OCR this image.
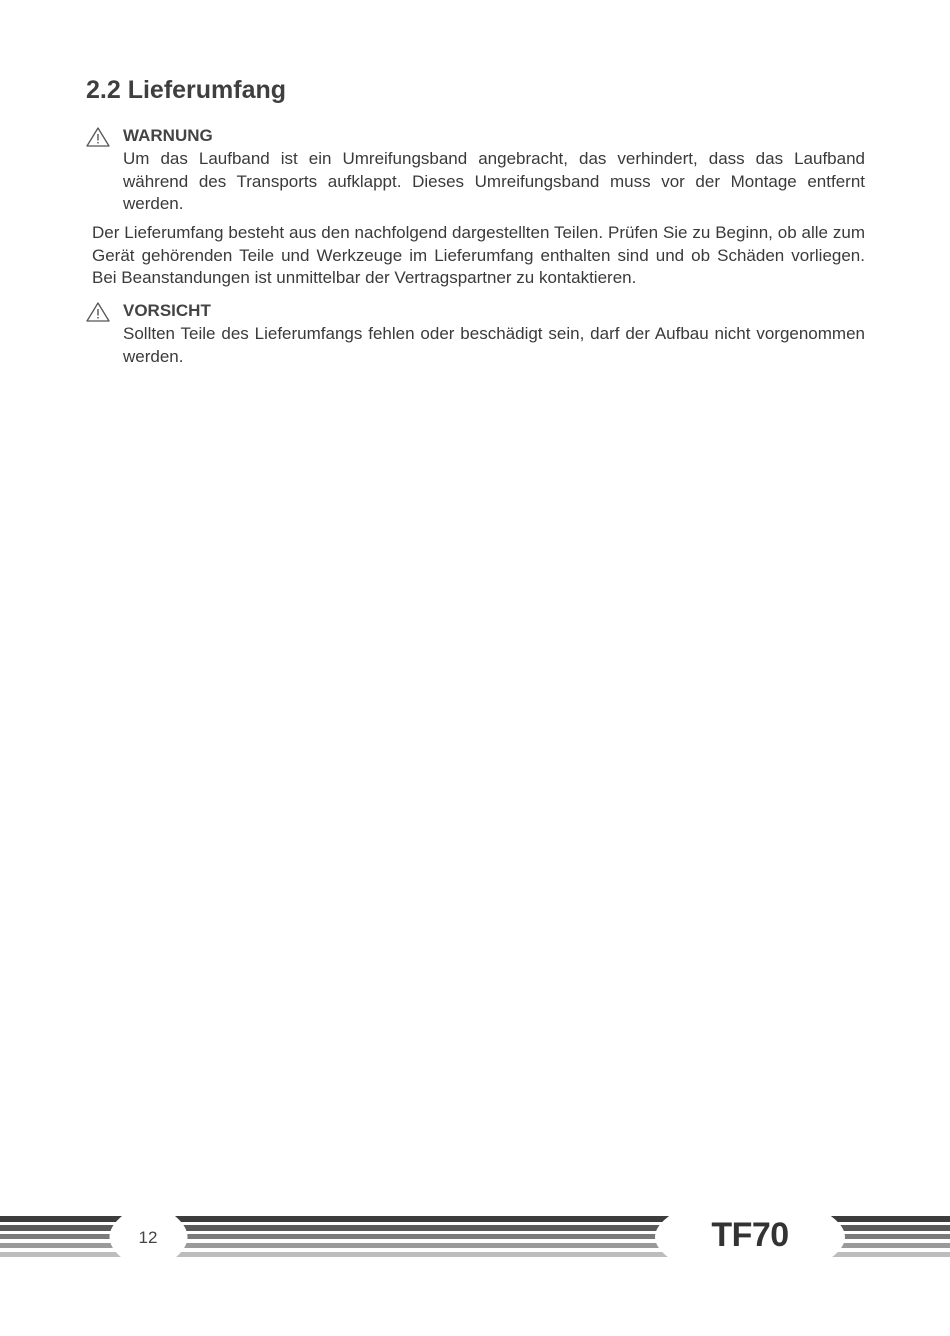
2.2 Lieferumfang
WARNUNG
Um das Laufband ist ein Umreifungsband angebracht, das verhindert, dass das Laufband während des Transports aufklappt. Dieses Umreifungsband muss vor der Montage entfernt werden.

Der Lieferumfang besteht aus den nachfolgend dargestellten Teilen. Prüfen Sie zu Beginn, ob alle zum Gerät gehörenden Teile und Werkzeuge im Lieferumfang enthalten sind und ob Schäden vorliegen. Bei Beanstandungen ist unmittelbar der Vertragspartner zu kontaktieren.

VORSICHT
Sollten Teile des Lieferumfangs fehlen oder beschädigt sein, darf der Aufbau nicht vorgenommen werden.
12	TF70
